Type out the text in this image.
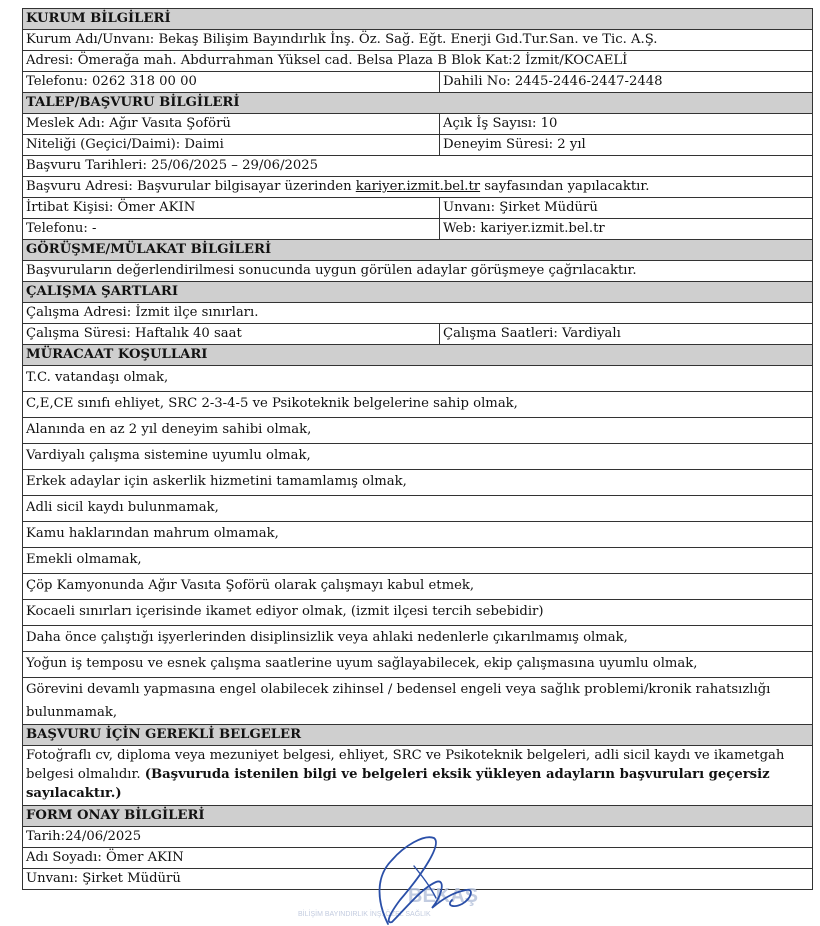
KURUM BİLGİLERİ	
Kurum Adı/Unvanı: Bekaş Bilişim Bayındırlık İnş. Öz. Sağ. Eğt. Enerji Gıd.Tur.San. ve Tic. A.Ş.	
Adresi: Ömerağa mah. Abdurrahman Yüksel cad. Belsa Plaza B Blok Kat:2 İzmit/KOCAELİ	
Telefonu: 0262 318 00 00	Dahili No: 2445-2446-2447-2448
TALEP/BAŞVURU BİLGİLERİ	
Meslek Adı: Ağır Vasıta Şoförü	Açık İş Sayısı: 10
Niteliği (Geçici/Daimi): Daimi	Deneyim Süresi: 2 yıl
Başvuru Tarihleri: 25/06/2025 – 29/06/2025	
Başvuru Adresi: Başvurular bilgisayar üzerinden kariyer.izmit.bel.tr sayfasından yapılacaktır.	
İrtibat Kişisi: Ömer AKIN	Unvanı: Şirket Müdürü
Telefonu: -	Web: kariyer.izmit.bel.tr
GÖRÜŞME/MÜLAKAT BİLGİLERİ	
Başvuruların değerlendirilmesi sonucunda uygun görülen adaylar görüşmeye çağrılacaktır.	
ÇALIŞMA ŞARTLARI	
Çalışma Adresi: İzmit ilçe sınırları.	
Çalışma Süresi: Haftalık 40 saat	Çalışma Saatleri: Vardiyalı
MÜRACAAT KOŞULLARI	
T.C. vatandaşı olmak,	
C,E,CE sınıfı ehliyet, SRC 2-3-4-5 ve Psikoteknik belgelerine sahip olmak,	
Alanında en az 2 yıl deneyim sahibi olmak,	
Vardiyalı çalışma sistemine uyumlu olmak,	
Erkek adaylar için askerlik hizmetini tamamlamış olmak,	
Adli sicil kaydı bulunmamak,	
Kamu haklarından mahrum olmamak,	
Emekli olmamak,	
Çöp Kamyonunda Ağır Vasıta Şoförü olarak çalışmayı kabul etmek,	
Kocaeli sınırları içerisinde ikamet ediyor olmak, (izmit ilçesi tercih sebebidir)	
Daha önce çalıştığı işyerlerinden disiplinsizlik veya ahlaki nedenlerle çıkarılmamış olmak,	
Yoğun iş temposu ve esnek çalışma saatlerine uyum sağlayabilecek, ekip çalışmasına uyumlu olmak,	
Görevini devamlı yapmasına engel olabilecek zihinsel / bedensel engeli veya sağlık problemi/kronik rahatsızlığı bulunmamak,	
BAŞVURU İÇİN GEREKLİ BELGELER	
Fotoğraflı cv, diploma veya mezuniyet belgesi, ehliyet, SRC ve Psikoteknik belgeleri, adli sicil kaydı ve ikametgah belgesi olmalıdır. (Başvuruda istenilen bilgi ve belgeleri eksik yükleyen adayların başvuruları geçersiz sayılacaktır.)	
FORM ONAY BİLGİLERİ	
Tarih:24/06/2025	
Adı Soyadı: Ömer AKIN	
Unvanı: Şirket Müdürü	
BEKAŞ
BİLİŞİM BAYINDIRLIK İNŞ. ÖZEL SAĞLIK
